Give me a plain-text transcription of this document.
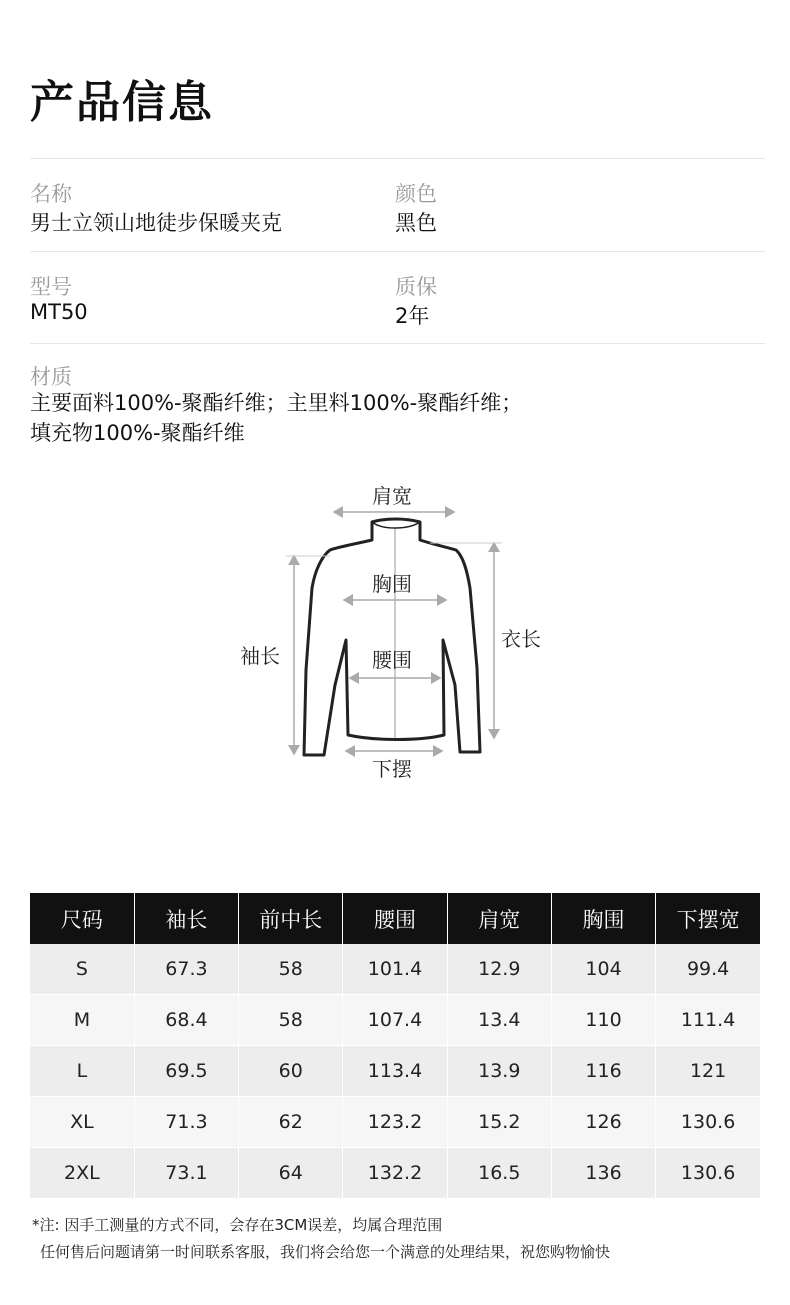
产品信息
名称
男士立领山地徒步保暖夹克
颜色
黑色
型号
MT50
质保
2年
材质
主要面料100%-聚酯纤维；主里料100%-聚酯纤维；
填充物100%-聚酯纤维
肩宽
胸围
袖长
衣长
腰围
下摆
尺码	袖长	前中长	腰围	肩宽	胸围	下摆宽
S	67.3	58	101.4	12.9	104	99.4
M	68.4	58	107.4	13.4	110	111.4
L	69.5	60	113.4	13.9	116	121
XL	71.3	62	123.2	15.2	126	130.6
2XL	73.1	64	132.2	16.5	136	130.6
*注: 因手工测量的方式不同，会存在3CM误差，均属合理范围
任何售后问题请第一时间联系客服，我们将会给您一个满意的处理结果，祝您购物愉快
